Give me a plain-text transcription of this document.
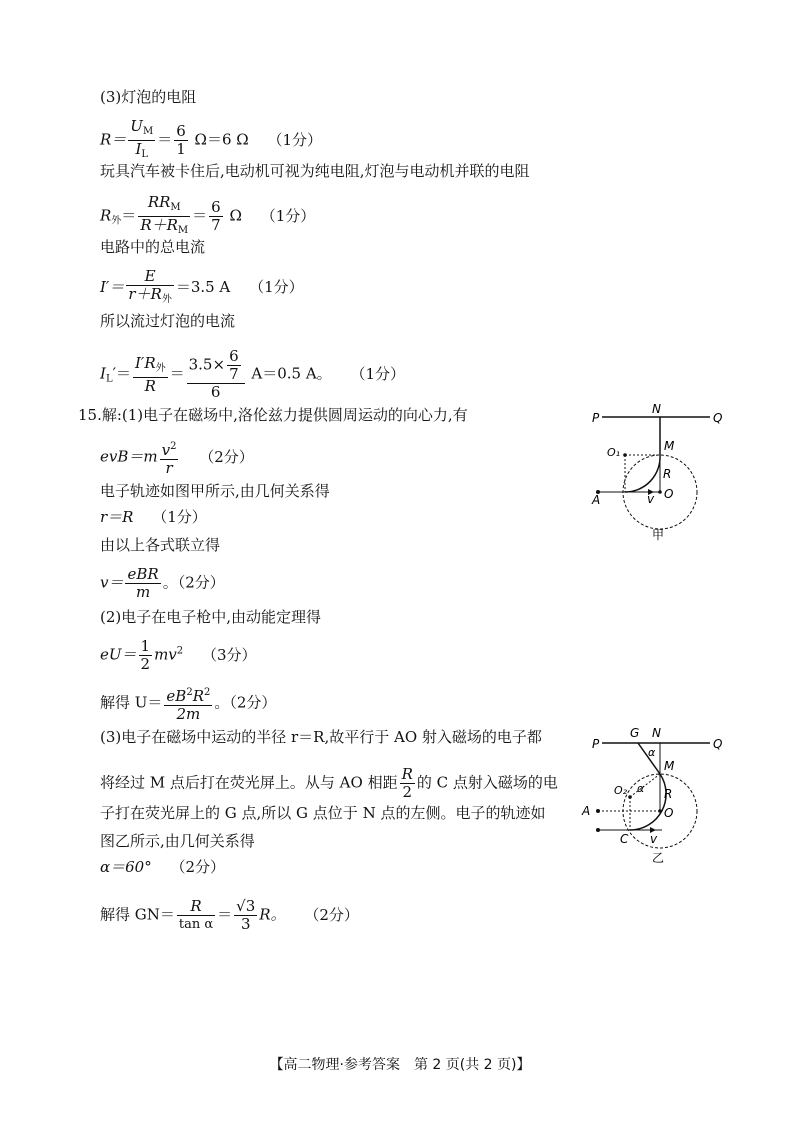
(3)灯泡的电阻
$R= \frac{U_M}{I_L} = \frac{6}{1} \Omega=6$ Ω （1分）
玩具汽车被卡住后,电动机可视为纯电阻,灯泡与电动机并联的电阻
$R_外= \frac{RR_M}{R+R_M} = \frac{6}{7}$ Ω （1分）
电路中的总电流
$I'= \frac{E}{r+R_外} =3.5$ A （1分）
所以流过灯泡的电流
$I_L'= \frac{I'R_外}{R} = \frac{3.5\times \frac{6}{7}}{6} A=0.5$ A。 （1分）
15.解:(1)电子在磁场中,洛伦兹力提供圆周运动的向心力,有
$evB=m \frac{v^2}{r} (2$分）
电子轨迹如图甲所示,由几何关系得
r＝R （1分）
由以上各式联立得
$v= \frac{\text{eBR}}{m}$ 。（2分）
(2)电子在电子枪中,由动能定理得
$eU= \frac{1}{2} mv^2$ （3分）
解得 $U= \frac{eB^2R^2}{2m}$ 。（2分）
(3)电子在磁场中运动的半径 r＝R,故平行于 AO 射入磁场的电子都
将经过 M 点后打在荧光屏上。从与 AO 相距 $\frac{R}{2}$ 的 C 点射入磁场的电
子打在荧光屏上的 G 点,所以 G 点位于 N 点的左侧。电子的轨迹如
图乙所示,由几何关系得
α＝60° （2分）
解得 $GN= \frac{R}{\text{tan α}} = \frac{√3}{3}$ R。 （2分）
P
N
Q
M
O₁
R
A	v O
甲
P
G N
Q
α
M
O₂ α R
A	O
C v
乙
【高二物理·参考答案　第 2 页(共 2 页)】
